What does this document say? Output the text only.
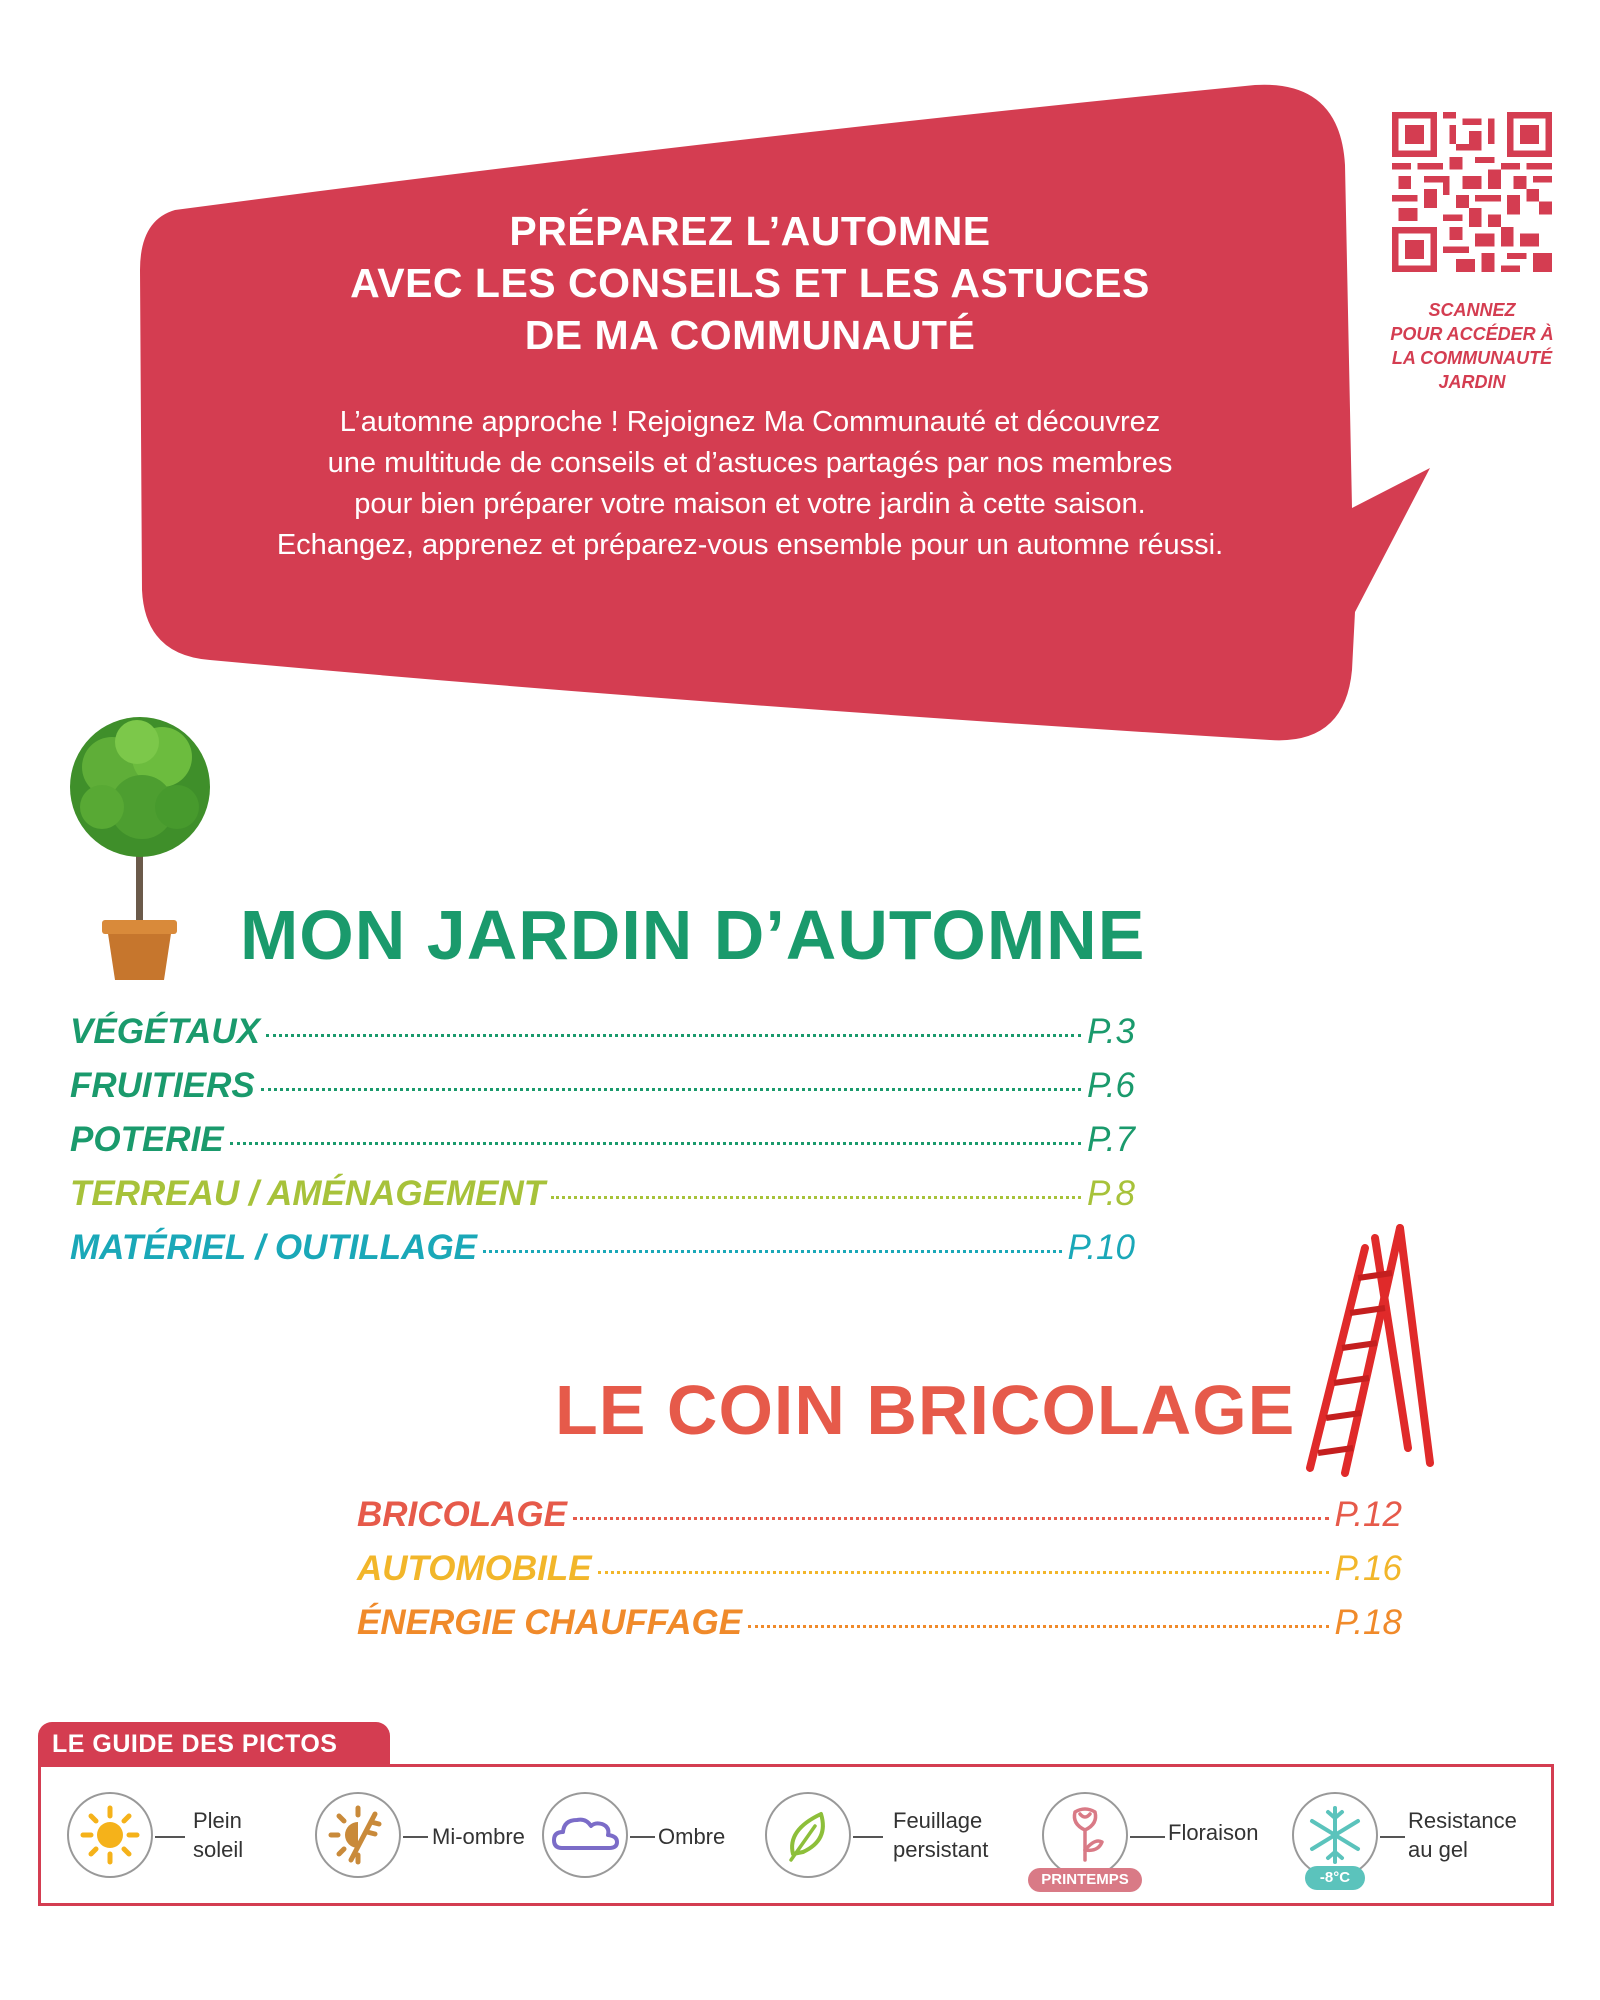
PRÉPAREZ L’AUTOMNE
AVEC LES CONSEILS ET LES ASTUCES
DE MA COMMUNAUTÉ
L’automne approche ! Rejoignez Ma Communauté et découvrez
une multitude de conseils et d’astuces partagés par nos membres
pour bien préparer votre maison et votre jardin à cette saison.
Echangez, apprenez et préparez-vous ensemble pour un automne réussi.
SCANNEZ
POUR ACCÉDER À
LA COMMUNAUTÉ
JARDIN
MON JARDIN D’AUTOMNE
VÉGÉTAUX	P.3
FRUITIERS	P.6
POTERIE	P.7
TERREAU / AMÉNAGEMENT	P.8
MATÉRIEL / OUTILLAGE	P.10
LE COIN BRICOLAGE
BRICOLAGE	P.12
AUTOMOBILE	P.16
ÉNERGIE CHAUFFAGE	P.18
LE GUIDE DES PICTOS
Plein
soleil
Mi-ombre	Ombre
Feuillage
persistant
PRINTEMPS
Floraison
-8°C
Resistance
au gel
